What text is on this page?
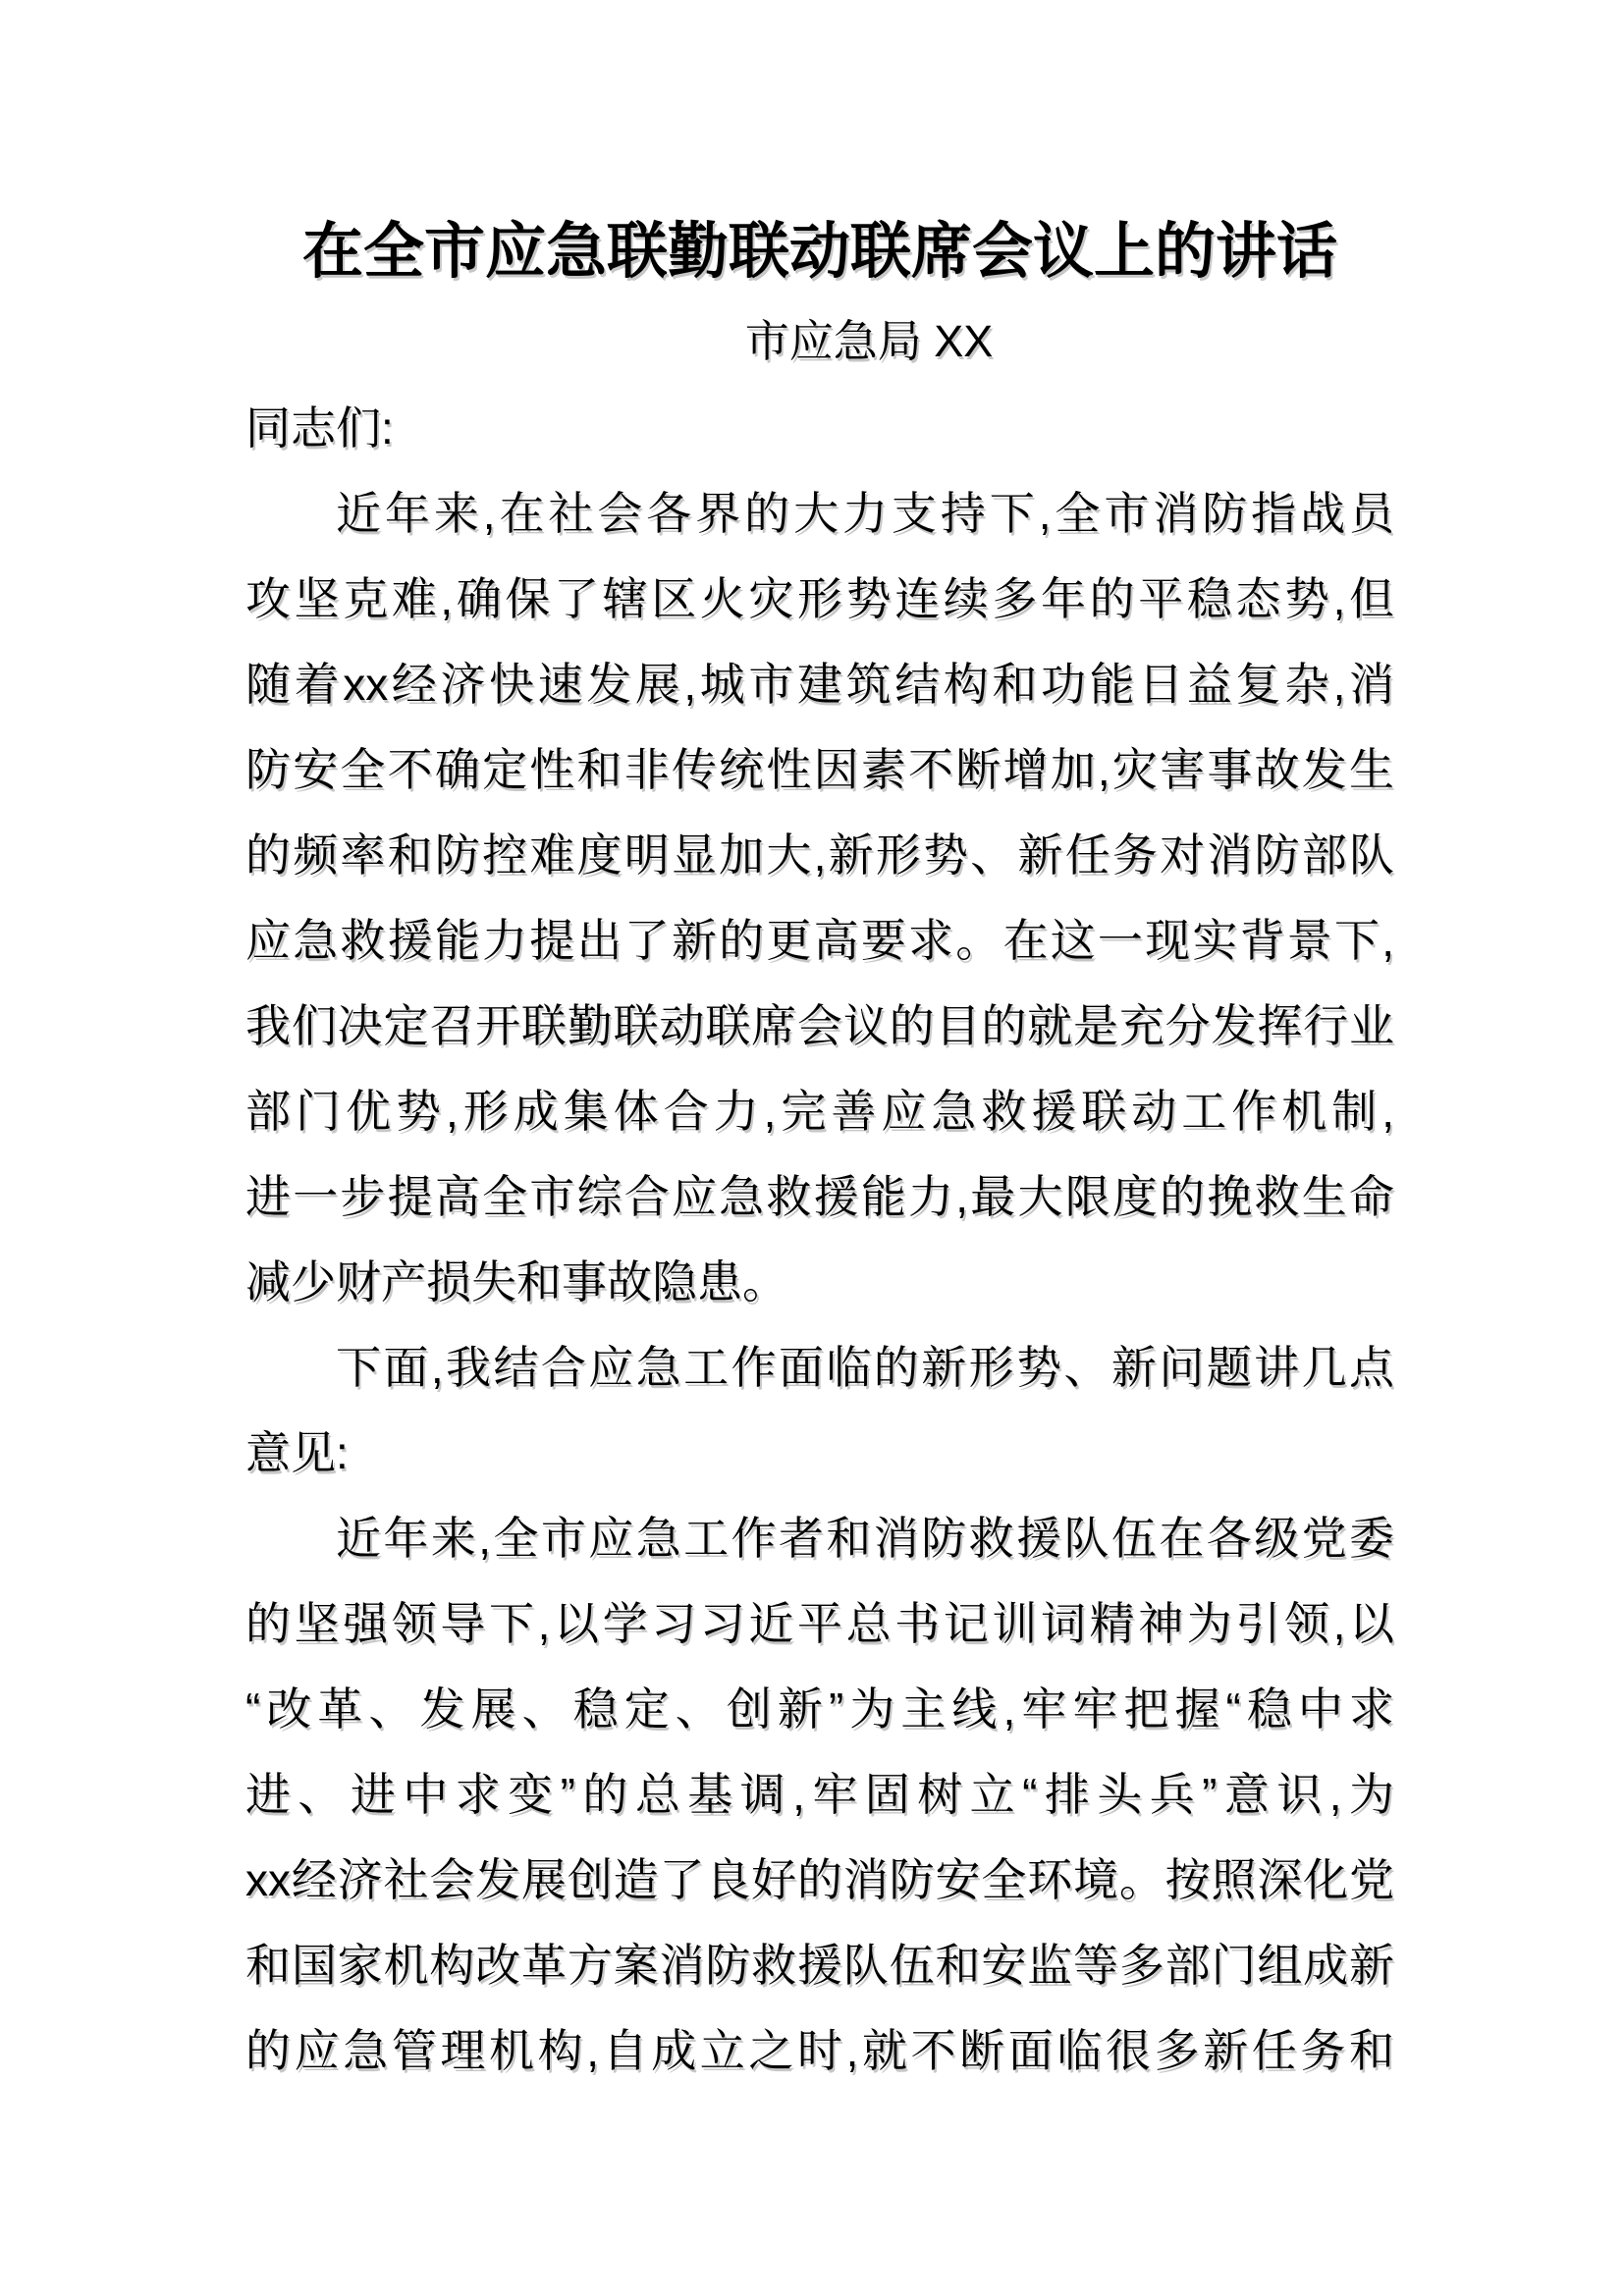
在全市应急联勤联动联席会议上的讲话
市应急局 XX
同志们:
近年来,在社会各界的大力支持下,全市消防指战员
攻坚克难,确保了辖区火灾形势连续多年的平稳态势,但
随着xx经济快速发展,城市建筑结构和功能日益复杂,消
防安全不确定性和非传统性因素不断增加,灾害事故发生
的频率和防控难度明显加大,新形势、新任务对消防部队
应急救援能力提出了新的更高要求。在这一现实背景下,
我们决定召开联勤联动联席会议的目的就是充分发挥行业
部门优势,形成集体合力,完善应急救援联动工作机制,
进一步提高全市综合应急救援能力,最大限度的挽救生命
减少财产损失和事故隐患。
下面,我结合应急工作面临的新形势、新问题讲几点
意见:
近年来,全市应急工作者和消防救援队伍在各级党委
的坚强领导下,以学习习近平总书记训词精神为引领,以
“改革、发展、稳定、创新”为主线,牢牢把握“稳中求
进、进中求变”的总基调,牢固树立“排头兵”意识,为
xx经济社会发展创造了良好的消防安全环境。按照深化党
和国家机构改革方案消防救援队伍和安监等多部门组成新
的应急管理机构,自成立之时,就不断面临很多新任务和
